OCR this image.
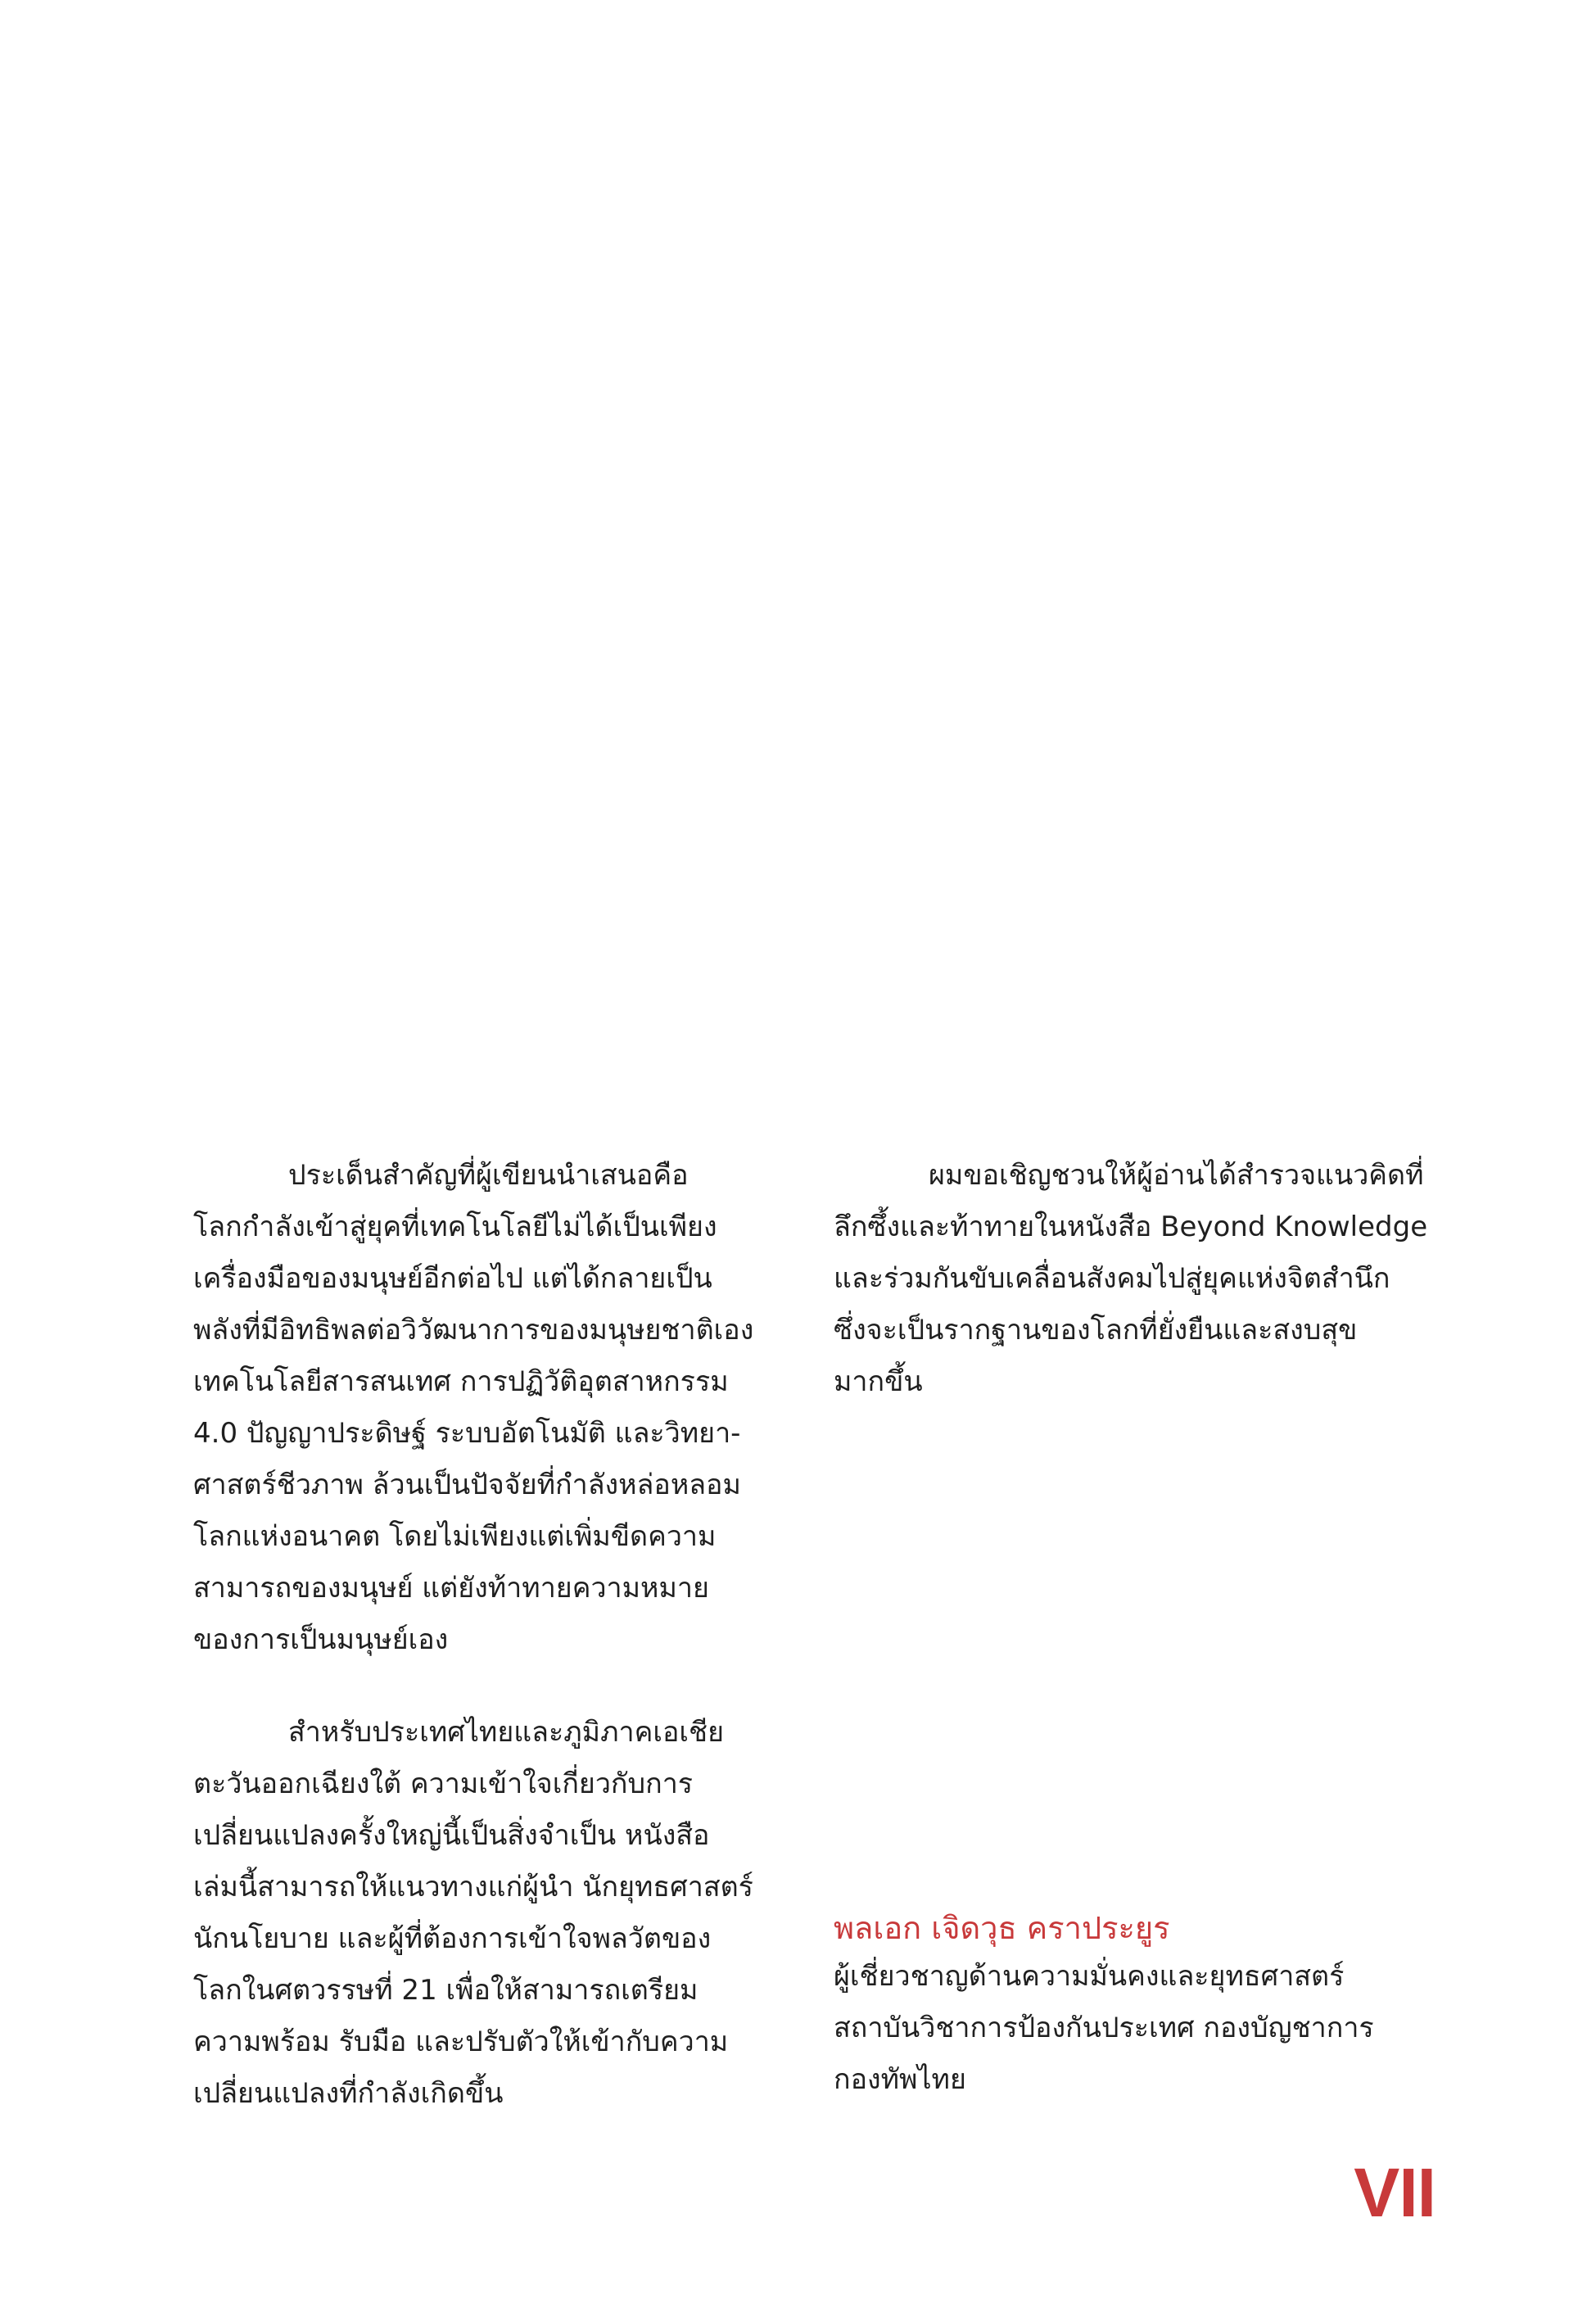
ประเด็นสำคัญที่ผู้เขียนนำเสนอคือ
โลกกำลังเข้าสู่ยุคที่เทคโนโลยีไม่ได้เป็นเพียง
เครื่องมือของมนุษย์อีกต่อไป แต่ได้กลายเป็น
พลังที่มีอิทธิพลต่อวิวัฒนาการของมนุษยชาติเอง
เทคโนโลยีสารสนเทศ การปฏิวัติอุตสาหกรรม
4.0 ปัญญาประดิษฐ์ ระบบอัตโนมัติ และวิทยา-
ศาสตร์ชีวภาพ ล้วนเป็นปัจจัยที่กำลังหล่อหลอม
โลกแห่งอนาคต โดยไม่เพียงแต่เพิ่มขีดความ
สามารถของมนุษย์ แต่ยังท้าทายความหมาย
ของการเป็นมนุษย์เอง
สำหรับประเทศไทยและภูมิภาคเอเชีย
ตะวันออกเฉียงใต้ ความเข้าใจเกี่ยวกับการ
เปลี่ยนแปลงครั้งใหญ่นี้เป็นสิ่งจำเป็น หนังสือ
เล่มนี้สามารถให้แนวทางแก่ผู้นำ นักยุทธศาสตร์
นักนโยบาย และผู้ที่ต้องการเข้าใจพลวัตของ
โลกในศตวรรษที่ 21 เพื่อให้สามารถเตรียม
ความพร้อม รับมือ และปรับตัวให้เข้ากับความ
เปลี่ยนแปลงที่กำลังเกิดขึ้น
ผมขอเชิญชวนให้ผู้อ่านได้สำรวจแนวคิดที่
ลึกซึ้งและท้าทายในหนังสือ Beyond Knowledge
และร่วมกันขับเคลื่อนสังคมไปสู่ยุคแห่งจิตสำนึก
ซึ่งจะเป็นรากฐานของโลกที่ยั่งยืนและสงบสุข
มากขึ้น
พลเอก เจิดวุธ คราประยูร
ผู้เชี่ยวชาญด้านความมั่นคงและยุทธศาสตร์
สถาบันวิชาการป้องกันประเทศ กองบัญชาการ
กองทัพไทย
VII
